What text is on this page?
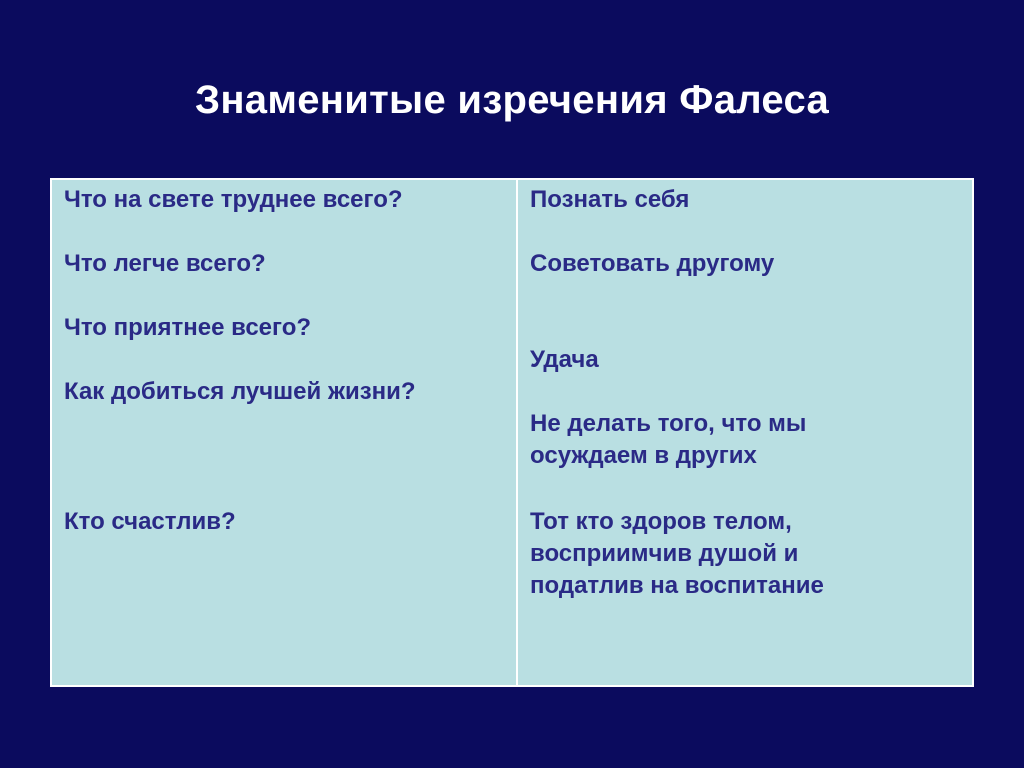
Знаменитые изречения Фалеса
Что на свете труднее всего?
Что легче всего?
Что приятнее всего?
Как добиться лучшей жизни?
Кто счастлив?
Познать себя
Советовать другому
Удача
Не делать того, что мы
осуждаем в других
Тот кто здоров телом,
восприимчив душой и
податлив на воспитание
